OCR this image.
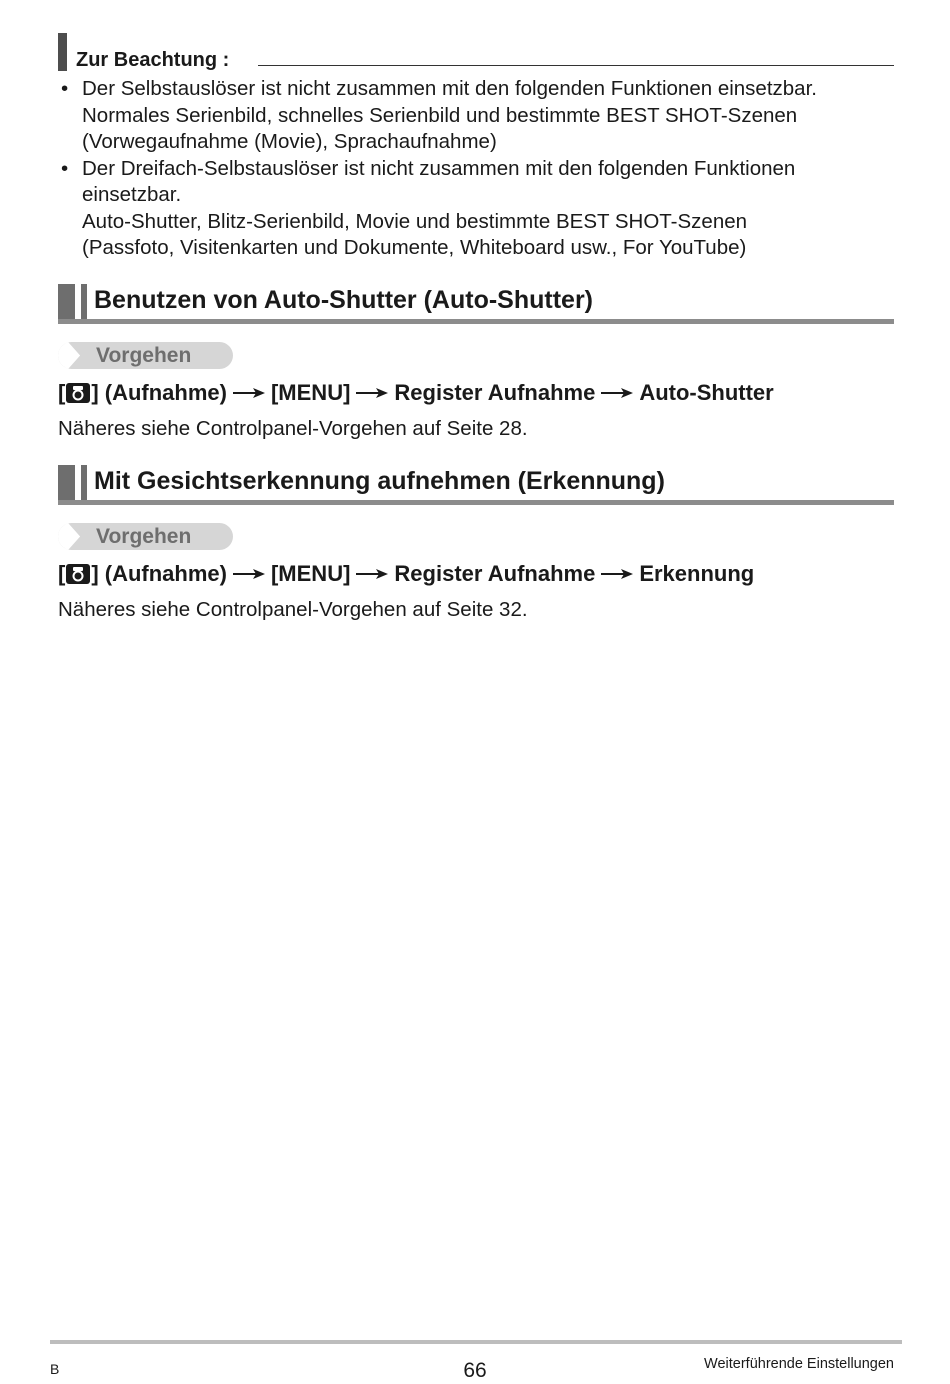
Zur Beachtung :
• Der Selbstauslöser ist nicht zusammen mit den folgenden Funktionen einsetzbar.
Normales Serienbild, schnelles Serienbild und bestimmte BEST SHOT-Szenen
(Vorwegaufnahme (Movie), Sprachaufnahme)
• Der Dreifach-Selbstauslöser ist nicht zusammen mit den folgenden Funktionen
einsetzbar.
Auto-Shutter, Blitz-Serienbild, Movie und bestimmte BEST SHOT-Szenen
(Passfoto, Visitenkarten und Dokumente, Whiteboard usw., For YouTube)
Benutzen von Auto-Shutter (Auto-Shutter)
Vorgehen
[ ] (Aufnahme) [MENU] Register Aufnahme Auto-Shutter
Näheres siehe Controlpanel-Vorgehen auf Seite 28.
Mit Gesichtserkennung aufnehmen (Erkennung)
Vorgehen
[ ] (Aufnahme) [MENU] Register Aufnahme Erkennung
Näheres siehe Controlpanel-Vorgehen auf Seite 32.
B	66	Weiterführende Einstellungen
